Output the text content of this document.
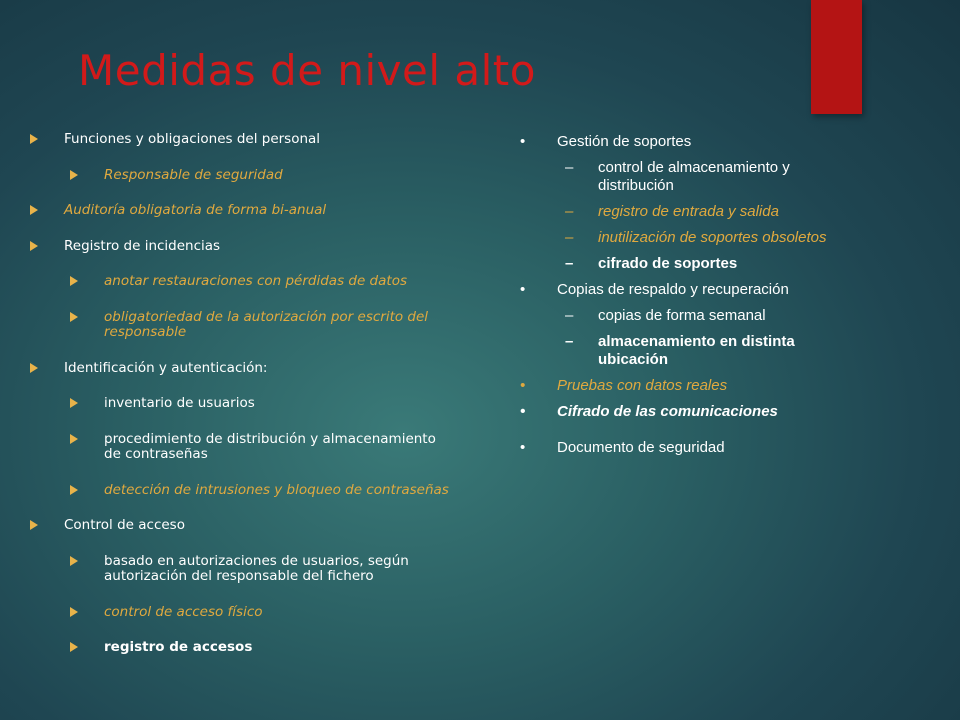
Medidas de nivel alto
Funciones y obligaciones del personal
Responsable de seguridad
Auditoría obligatoria de forma bi-anual
Registro de incidencias
anotar restauraciones con pérdidas de datos
obligatoriedad de la autorización por escrito del responsable
Identificación y autenticación:
inventario de usuarios
procedimiento de distribución y almacenamiento de contraseñas
detección de intrusiones y bloqueo de contraseñas
Control de acceso
basado en autorizaciones de usuarios, según autorización del responsable del fichero
control de acceso físico
registro de accesos
• Gestión de soportes
– control de almacenamiento y distribución
– registro de entrada y salida
– inutilización de soportes obsoletos
– cifrado de soportes
• Copias de respaldo y recuperación
– copias de forma semanal
– almacenamiento en distinta ubicación
• Pruebas con datos reales
• Cifrado de las comunicaciones
• Documento de seguridad
